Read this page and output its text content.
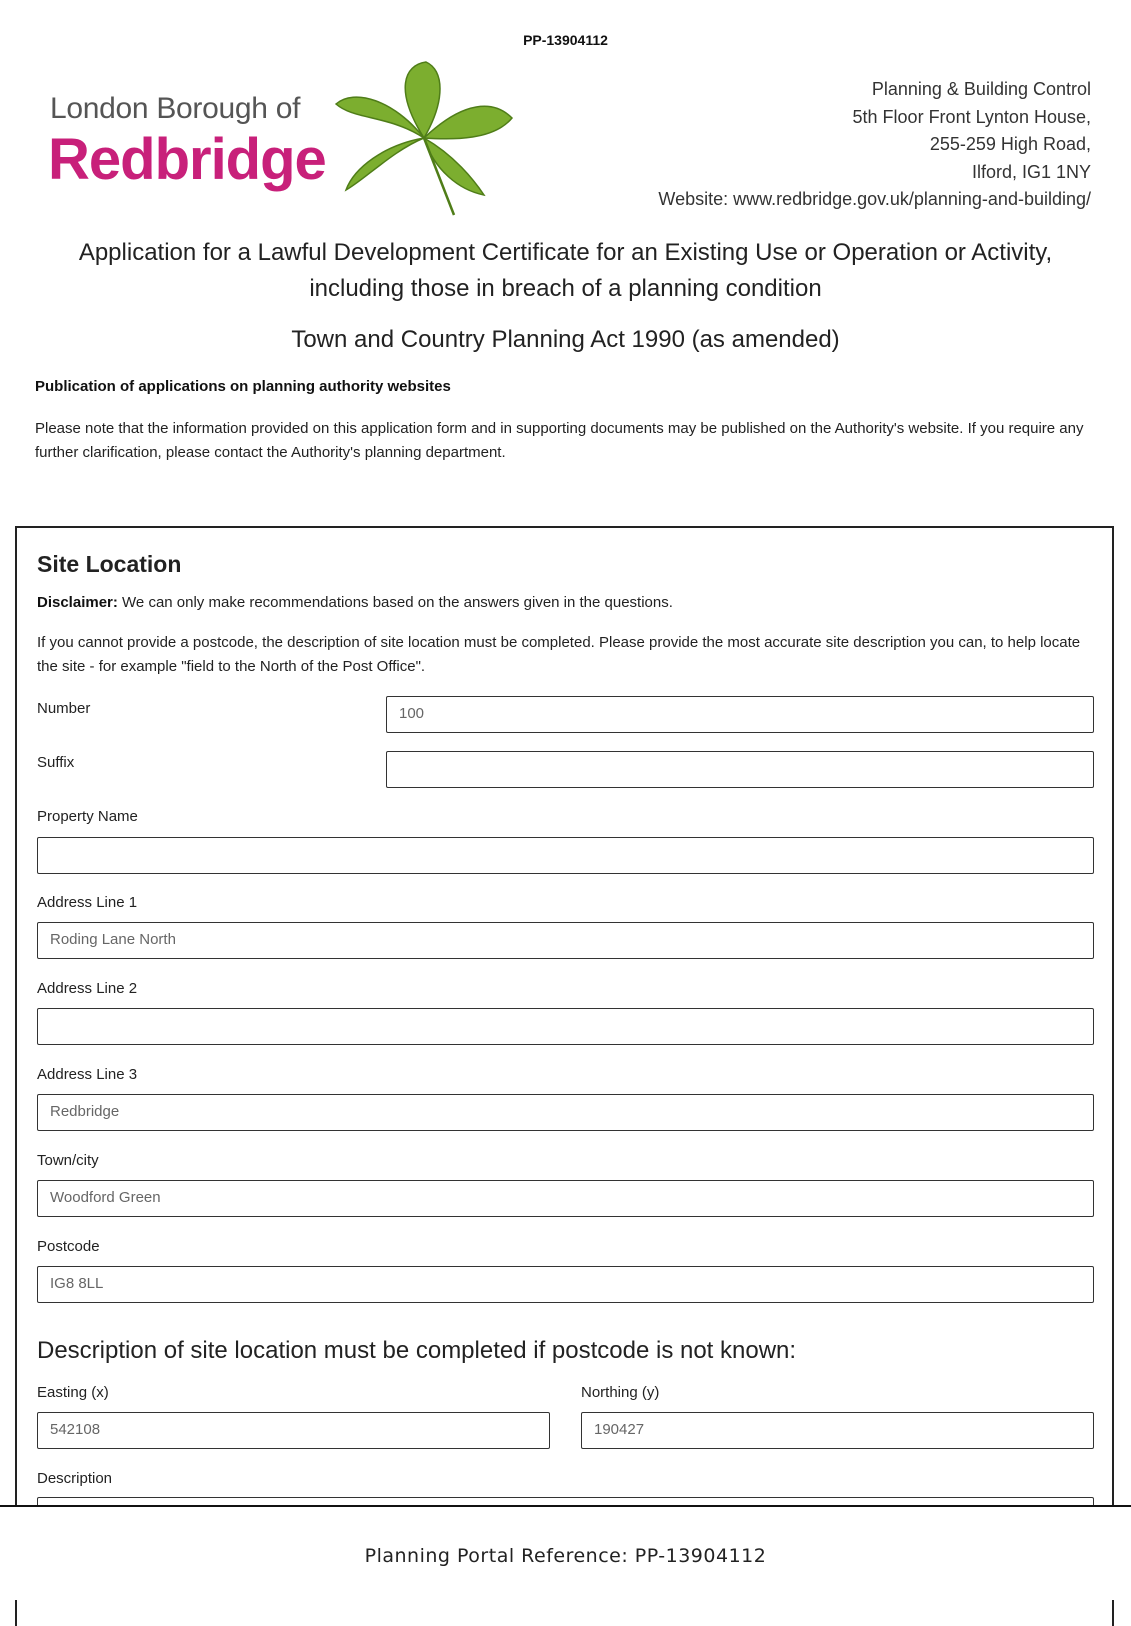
PP-13904112
London Borough of
Redbridge
Planning & Building Control
5th Floor Front Lynton House,
255-259 High Road,
Ilford, IG1 1NY
Website: www.redbridge.gov.uk/planning-and-building/
Application for a Lawful Development Certificate for an Existing Use or Operation or Activity,
including those in breach of a planning condition
Town and Country Planning Act 1990 (as amended)
Publication of applications on planning authority websites
Please note that the information provided on this application form and in supporting documents may be published on the Authority's website. If you require any further clarification, please contact the Authority's planning department.
Site Location
Disclaimer: We can only make recommendations based on the answers given in the questions.
If you cannot provide a postcode, the description of site location must be completed. Please provide the most accurate site description you can, to help locate the site - for example "field to the North of the Post Office".
Number	100
Suffix
Property Name
Address Line 1
Roding Lane North
Address Line 2
Address Line 3
Redbridge
Town/city
Woodford Green
Postcode
IG8 8LL
Description of site location must be completed if postcode is not known:
Easting (x)
542108
Northing (y)
190427
Description
Planning Portal Reference: PP-13904112
